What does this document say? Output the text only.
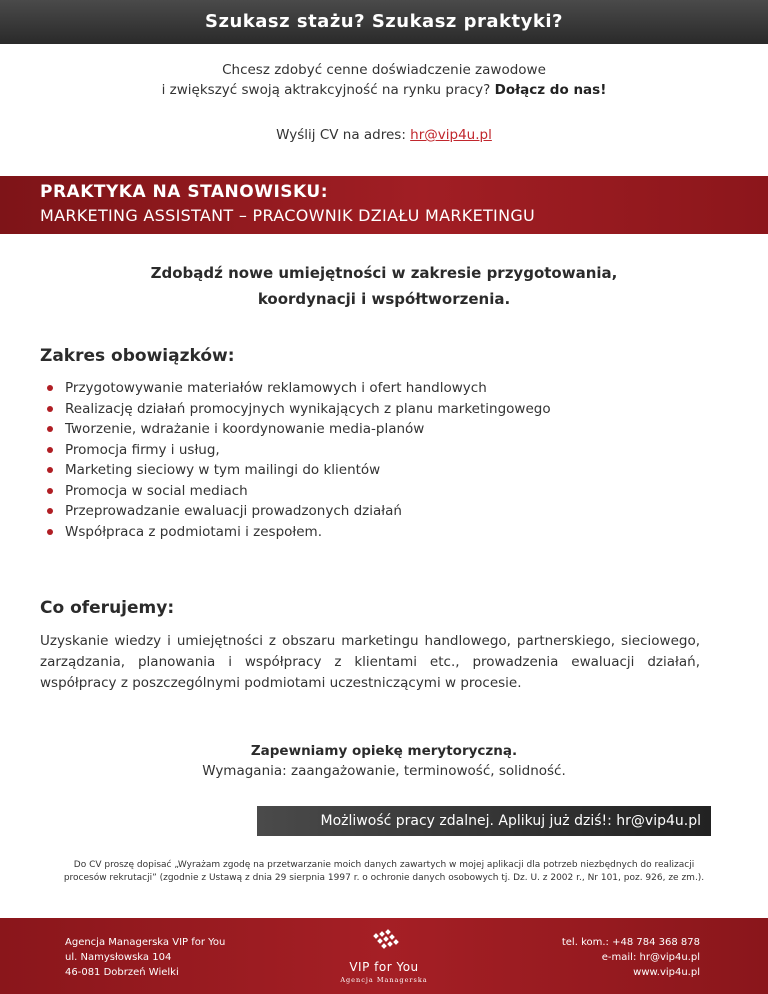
Szukasz stażu? Szukasz praktyki?
Chcesz zdobyć cenne doświadczenie zawodowe
i zwiększyć swoją aktrakcyjność na rynku pracy? Dołącz do nas!
Wyślij CV na adres: hr@vip4u.pl
PRAKTYKA NA STANOWISKU:
MARKETING ASSISTANT – PRACOWNIK DZIAŁU MARKETINGU
Zdobądź nowe umiejętności w zakresie przygotowania,
koordynacji i współtworzenia.
Zakres obowiązków:
Przygotowywanie materiałów reklamowych i ofert handlowych
Realizację działań promocyjnych wynikających z planu marketingowego
Tworzenie, wdrażanie i koordynowanie media-planów
Promocja firmy i usług,
Marketing sieciowy w tym mailingi do klientów
Promocja w social mediach
Przeprowadzanie ewaluacji prowadzonych działań
Współpraca z podmiotami i zespołem.
Co oferujemy:
Uzyskanie wiedzy i umiejętności z obszaru marketingu handlowego, partnerskiego, sieciowego, zarządzania, planowania i współpracy z klientami etc., prowadzenia ewaluacji działań, współpracy z poszczególnymi podmiotami uczestniczącymi w procesie.
Zapewniamy opiekę merytoryczną.
Wymagania: zaangażowanie, terminowość, solidność.
Możliwość pracy zdalnej. Aplikuj już dziś!: hr@vip4u.pl
Do CV proszę dopisać „Wyrażam zgodę na przetwarzanie moich danych zawartych w mojej aplikacji dla potrzeb niezbędnych do realizacji procesów rekrutacji” (zgodnie z Ustawą z dnia 29 sierpnia 1997 r. o ochronie danych osobowych tj. Dz. U. z 2002 r., Nr 101, poz. 926, ze zm.).
Agencja Managerska VIP for You
ul. Namysłowska 104
46-081 Dobrzeń Wielki	VIP for You
Agencja Managerska
tel. kom.: +48 784 368 878
e-mail: hr@vip4u.pl
www.vip4u.pl
